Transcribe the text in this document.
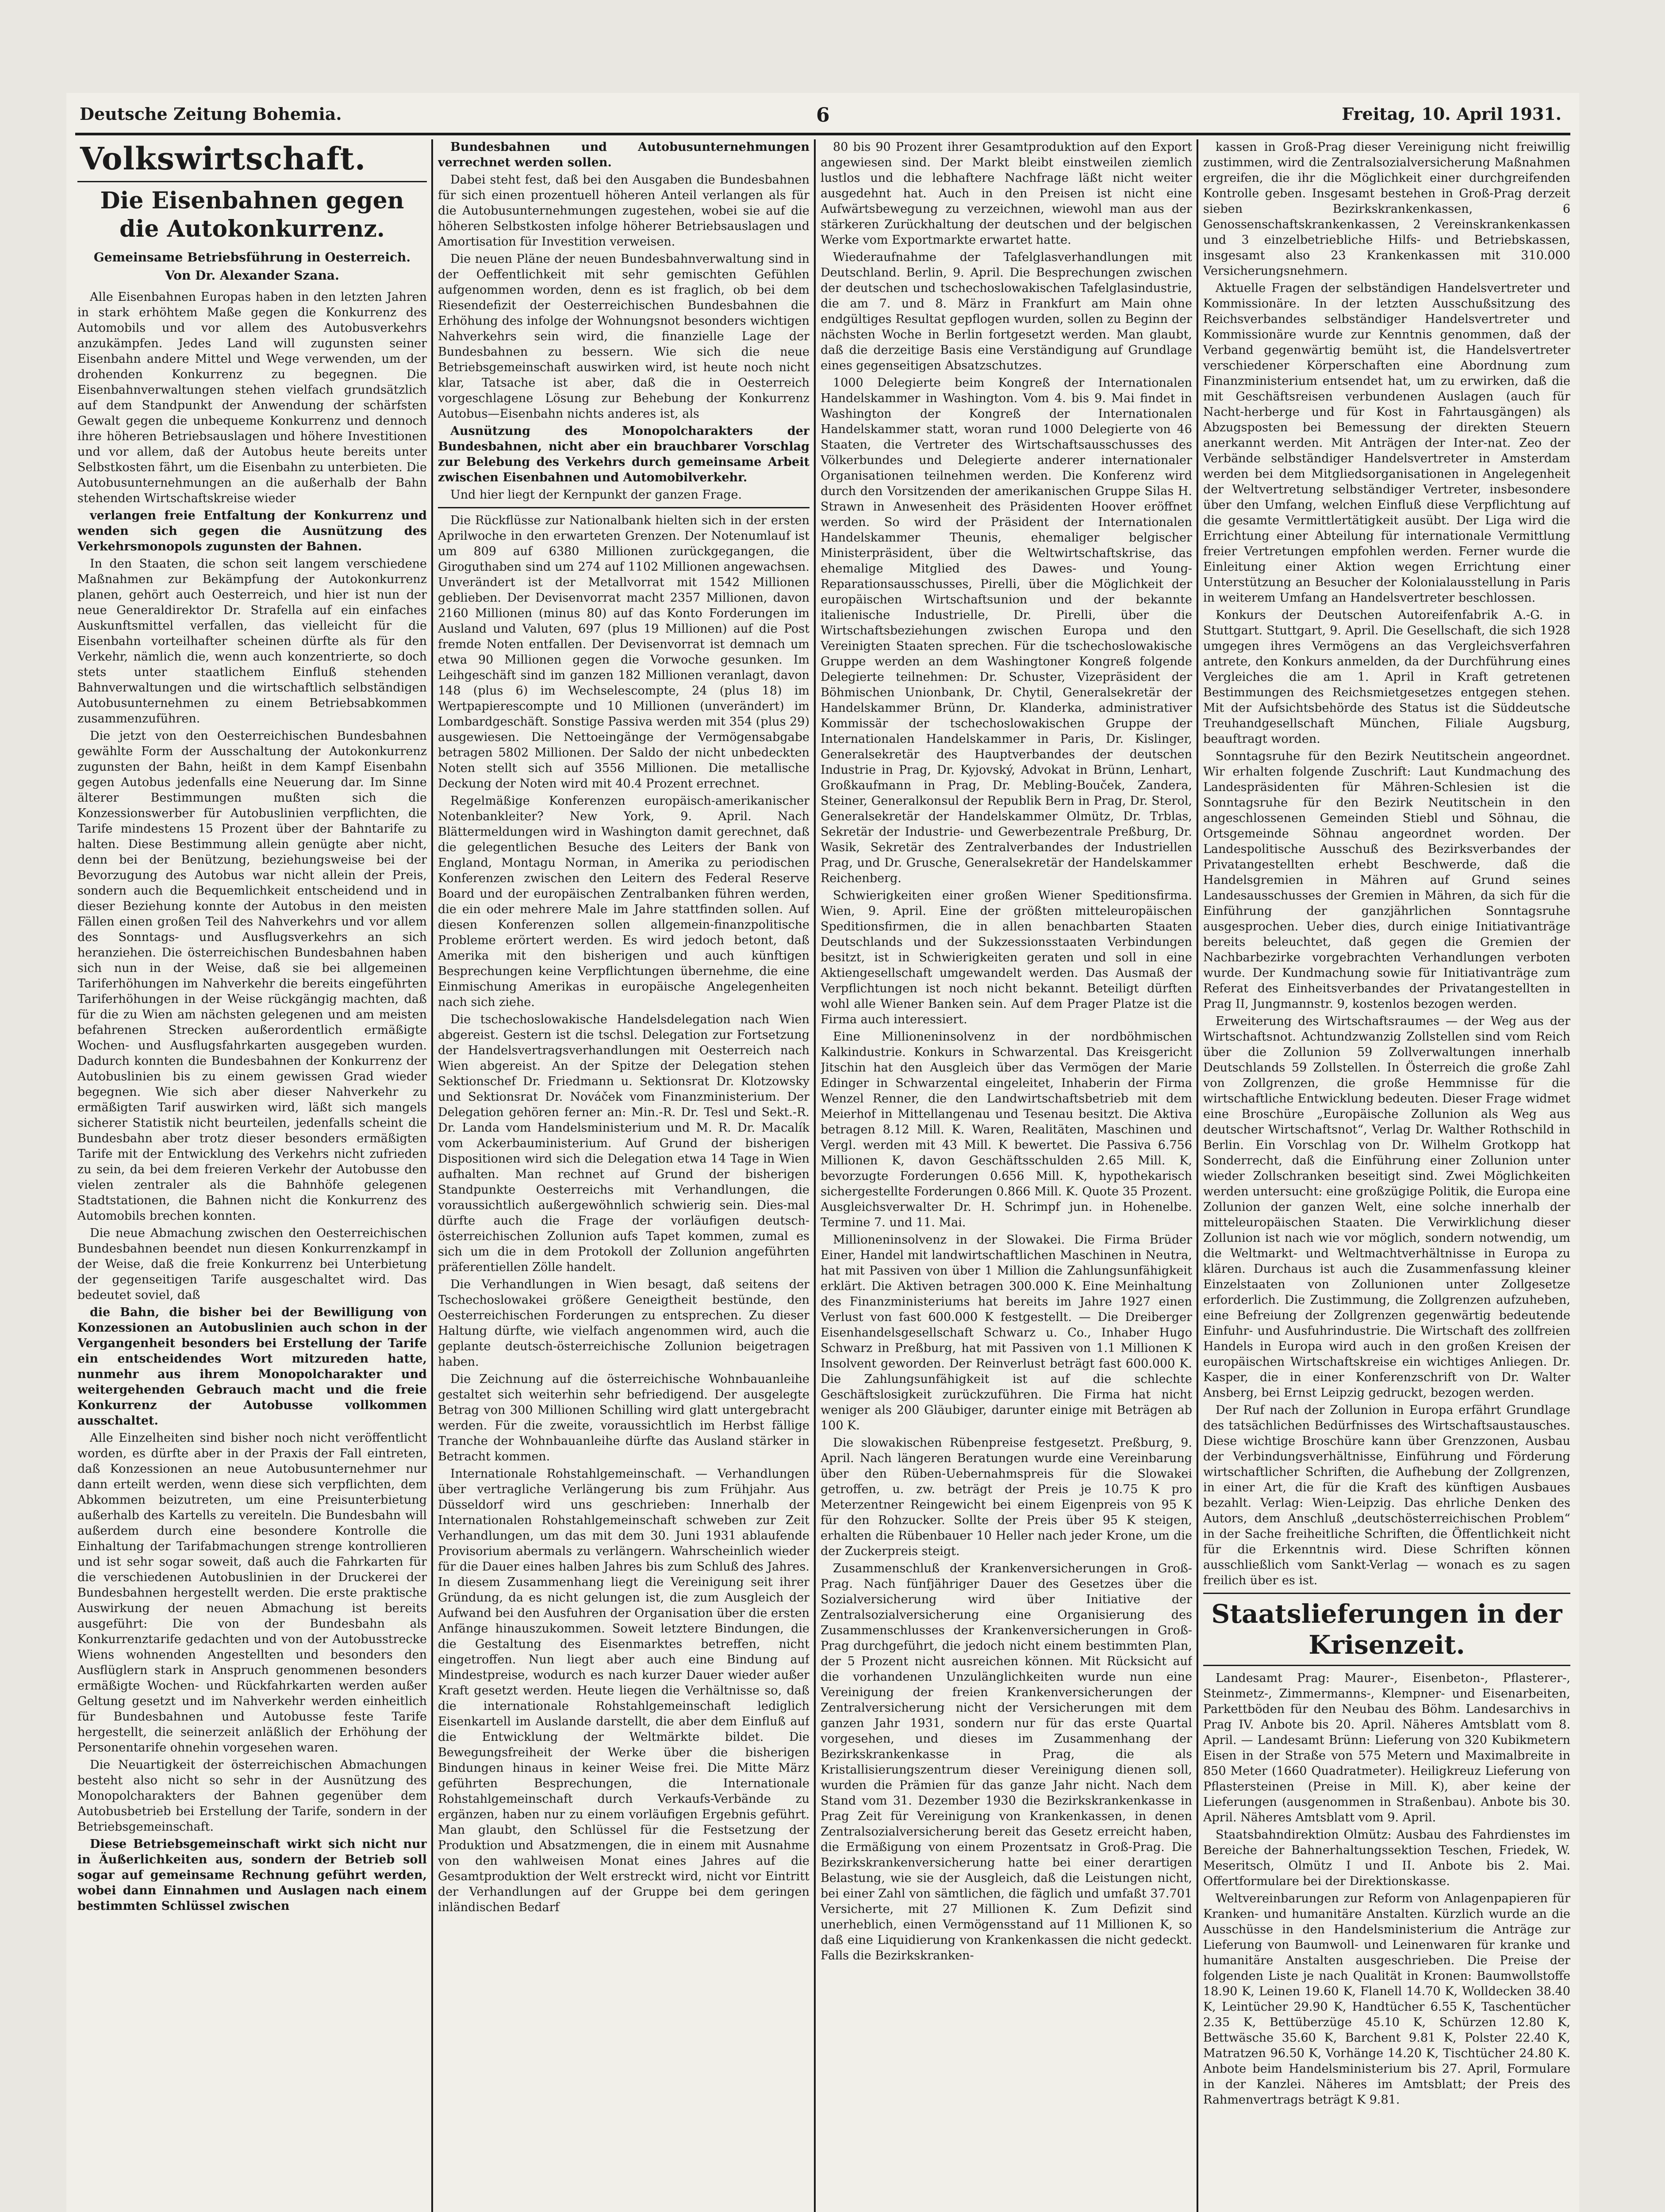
Deutsche Zeitung Bohemia.	6	Freitag, 10. April 1931.
Volkswirtschaft.
Die Eisenbahnen gegen die Autokonkurrenz.
Gemeinsame Betriebsführung in Oesterreich.
Von Dr. Alexander Szana.

Alle Eisenbahnen Europas haben in den letzten Jahren in stark erhöhtem Maße gegen die Konkurrenz des Automobils und vor allem des Autobusverkehrs anzukämpfen. Jedes Land will zugunsten seiner Eisenbahn andere Mittel und Wege verwenden, um der drohenden Konkurrenz zu begegnen. Die Eisenbahnverwaltungen stehen vielfach grundsätzlich auf dem Standpunkt der Anwendung der schärfsten Gewalt gegen die unbequeme Konkurrenz und dennoch ihre höheren Betriebsauslagen und höhere Investitionen und vor allem, daß der Autobus heute bereits unter Selbstkosten fährt, um die Eisenbahn zu unterbieten. Die Autobusunternehmungen an die außerhalb der Bahn stehenden Wirtschaftskreise wieder

verlangen freie Entfaltung der Konkurrenz und wenden sich gegen die Ausnützung des Verkehrsmonopols zugunsten der Bahnen.

In den Staaten, die schon seit langem verschiedene Maßnahmen zur Bekämpfung der Autokonkurrenz planen, gehört auch Oesterreich, und hier ist nun der neue Generaldirektor Dr. Strafella auf ein einfaches Auskunftsmittel verfallen, das vielleicht für die Eisenbahn vorteilhafter scheinen dürfte als für den Verkehr, nämlich die, wenn auch konzentrierte, so doch stets unter staatlichem Einfluß stehenden Bahnverwaltungen und die wirtschaftlich selbständigen Autobusunternehmen zu einem Betriebsabkommen zusammenzuführen.

Die jetzt von den Oesterreichischen Bundesbahnen gewählte Form der Ausschaltung der Autokonkurrenz zugunsten der Bahn, heißt in dem Kampf Eisenbahn gegen Autobus jedenfalls eine Neuerung dar. Im Sinne älterer Bestimmungen mußten sich die Konzessionswerber für Autobuslinien verpflichten, die Tarife mindestens 15 Prozent über der Bahntarife zu halten. Diese Bestimmung allein genügte aber nicht, denn bei der Benützung, beziehungsweise bei der Bevorzugung des Autobus war nicht allein der Preis, sondern auch die Bequemlichkeit entscheidend und in dieser Beziehung konnte der Autobus in den meisten Fällen einen großen Teil des Nahverkehrs und vor allem des Sonntags- und Ausflugsverkehrs an sich heranziehen. Die österreichischen Bundesbahnen haben sich nun in der Weise, daß sie bei allgemeinen Tariferhöhungen im Nahverkehr die bereits eingeführten Tariferhöhungen in der Weise rückgängig machten, daß für die zu Wien am nächsten gelegenen und am meisten befahrenen Strecken außerordentlich ermäßigte Wochen- und Ausflugsfahrkarten ausgegeben wurden. Dadurch konnten die Bundesbahnen der Konkurrenz der Autobuslinien bis zu einem gewissen Grad wieder begegnen. Wie sich aber dieser Nahverkehr zu ermäßigten Tarif auswirken wird, läßt sich mangels sicherer Statistik nicht beurteilen, jedenfalls scheint die Bundesbahn aber trotz dieser besonders ermäßigten Tarife mit der Entwicklung des Verkehrs nicht zufrieden zu sein, da bei dem freieren Verkehr der Autobusse den vielen zentraler als die Bahnhöfe gelegenen Stadtstationen, die Bahnen nicht die Konkurrenz des Automobils brechen konnten.

Die neue Abmachung zwischen den Oesterreichischen Bundesbahnen beendet nun diesen Konkurrenzkampf in der Weise, daß die freie Konkurrenz bei Unterbietung der gegenseitigen Tarife ausgeschaltet wird. Das bedeutet soviel, daß

die Bahn, die bisher bei der Bewilligung von Konzessionen an Autobuslinien auch schon in der Vergangenheit besonders bei Erstellung der Tarife ein entscheidendes Wort mitzureden hatte, nunmehr aus ihrem Monopolcharakter und weitergehenden Gebrauch macht und die freie Konkurrenz der Autobusse vollkommen ausschaltet.

Alle Einzelheiten sind bisher noch nicht veröffentlicht worden, es dürfte aber in der Praxis der Fall eintreten, daß Konzessionen an neue Autobusunternehmer nur dann erteilt werden, wenn diese sich verpflichten, dem Abkommen beizutreten, um eine Preisunterbietung außerhalb des Kartells zu vereiteln. Die Bundesbahn will außerdem durch eine besondere Kontrolle die Einhaltung der Tarifabmachungen strenge kontrollieren und ist sehr sogar soweit, daß auch die Fahrkarten für die verschiedenen Autobuslinien in der Druckerei der Bundesbahnen hergestellt werden. Die erste praktische Auswirkung der neuen Abmachung ist bereits ausgeführt: Die von der Bundesbahn als Konkurrenztarife gedachten und von der Autobusstrecke Wiens wohnenden Angestellten und besonders den Ausflüglern stark in Anspruch genommenen besonders ermäßigte Wochen- und Rückfahrkarten werden außer Geltung gesetzt und im Nahverkehr werden einheitlich für Bundesbahnen und Autobusse feste Tarife hergestellt, die seinerzeit anläßlich der Erhöhung der Personentarife ohnehin vorgesehen waren.

Die Neuartigkeit der österreichischen Abmachungen besteht also nicht so sehr in der Ausnützung des Monopolcharakters der Bahnen gegenüber dem Autobusbetrieb bei Erstellung der Tarife, sondern in der Betriebsgemeinschaft.

Diese Betriebsgemeinschaft wirkt sich nicht nur in Äußerlichkeiten aus, sondern der Betrieb soll sogar auf gemeinsame Rechnung geführt werden, wobei dann Einnahmen und Auslagen nach einem bestimmten Schlüssel zwischen

Bundesbahnen und Autobusunternehmungen verrechnet werden sollen.

Dabei steht fest, daß bei den Ausgaben die Bundesbahnen für sich einen prozentuell höheren Anteil verlangen als für die Autobusunternehmungen zugestehen, wobei sie auf die höheren Selbstkosten infolge höherer Betriebsauslagen und Amortisation für Investition verweisen.

Die neuen Pläne der neuen Bundesbahnverwaltung sind in der Oeffentlichkeit mit sehr gemischten Gefühlen aufgenommen worden, denn es ist fraglich, ob bei dem Riesendefizit der Oesterreichischen Bundesbahnen die Erhöhung des infolge der Wohnungsnot besonders wichtigen Nahverkehrs sein wird, die finanzielle Lage der Bundesbahnen zu bessern. Wie sich die neue Betriebsgemeinschaft auswirken wird, ist heute noch nicht klar, Tatsache ist aber, daß die in Oesterreich vorgeschlagene Lösung zur Behebung der Konkurrenz Autobus—Eisenbahn nichts anderes ist, als

Ausnützung des Monopolcharakters der Bundesbahnen, nicht aber ein brauchbarer Vorschlag zur Belebung des Verkehrs durch gemeinsame Arbeit zwischen Eisenbahnen und Automobilverkehr.

Und hier liegt der Kernpunkt der ganzen Frage.

Die Rückflüsse zur Nationalbank hielten sich in der ersten Aprilwoche in den erwarteten Grenzen. Der Notenumlauf ist um 809 auf 6380 Millionen zurückgegangen, die Giroguthaben sind um 274 auf 1102 Millionen angewachsen. Unverändert ist der Metallvorrat mit 1542 Millionen geblieben. Der Devisenvorrat macht 2357 Millionen, davon 2160 Millionen (minus 80) auf das Konto Forderungen im Ausland und Valuten, 697 (plus 19 Millionen) auf die Post fremde Noten entfallen. Der Devisenvorrat ist demnach um etwa 90 Millionen gegen die Vorwoche gesunken. Im Leihgeschäft sind im ganzen 182 Millionen veranlagt, davon 148 (plus 6) im Wechselescompte, 24 (plus 18) im Wertpapierescompte und 10 Millionen (unverändert) im Lombardgeschäft. Sonstige Passiva werden mit 354 (plus 29) ausgewiesen. Die Nettoeingänge der Vermögensabgabe betragen 5802 Millionen. Der Saldo der nicht unbedeckten Noten stellt sich auf 3556 Millionen. Die metallische Deckung der Noten wird mit 40.4 Prozent errechnet.

Regelmäßige Konferenzen europäisch-amerikanischer Notenbankleiter? New York, 9. April. Nach Blättermeldungen wird in Washington damit gerechnet, daß die gelegentlichen Besuche des Leiters der Bank von England, Montagu Norman, in Amerika zu periodischen Konferenzen zwischen den Leitern des Federal Reserve Board und der europäischen Zentralbanken führen werden, die ein oder mehrere Male im Jahre stattfinden sollen. Auf diesen Konferenzen sollen allgemein-finanzpolitische Probleme erörtert werden. Es wird jedoch betont, daß Amerika mit den bisherigen und auch künftigen Besprechungen keine Verpflichtungen übernehme, die eine Einmischung Amerikas in europäische Angelegenheiten nach sich ziehe.

Die tschechoslowakische Handelsdelegation nach Wien abgereist. Gestern ist die tschsl. Delegation zur Fortsetzung der Handelsvertragsverhandlungen mit Oesterreich nach Wien abgereist. An der Spitze der Delegation stehen Sektionschef Dr. Friedmann u. Sektionsrat Dr. Klotzowsky und Sektionsrat Dr. Nováček vom Finanzministerium. Der Delegation gehören ferner an: Min.-R. Dr. Tesl und Sekt.-R. Dr. Landa vom Handelsministerium und M. R. Dr. Macalík vom Ackerbauministerium. Auf Grund der bisherigen Dispositionen wird sich die Delegation etwa 14 Tage in Wien aufhalten. Man rechnet auf Grund der bisherigen Standpunkte Oesterreichs mit Verhandlungen, die voraussichtlich außergewöhnlich schwierig sein. Dies-mal dürfte auch die Frage der vorläufigen deutsch-österreichischen Zollunion aufs Tapet kommen, zumal es sich um die in dem Protokoll der Zollunion angeführten präferentiellen Zölle handelt.

Die Verhandlungen in Wien besagt, daß seitens der Tschechoslowakei größere Geneigtheit bestünde, den Oesterreichischen Forderungen zu entsprechen. Zu dieser Haltung dürfte, wie vielfach angenommen wird, auch die geplante deutsch-österreichische Zollunion beigetragen haben.

Die Zeichnung auf die österreichische Wohnbauanleihe gestaltet sich weiterhin sehr befriedigend. Der ausgelegte Betrag von 300 Millionen Schilling wird glatt untergebracht werden. Für die zweite, voraussichtlich im Herbst fällige Tranche der Wohnbauanleihe dürfte das Ausland stärker in Betracht kommen.

Internationale Rohstahlgemeinschaft. — Verhandlungen über vertragliche Verlängerung bis zum Frühjahr. Aus Düsseldorf wird uns geschrieben: Innerhalb der Internationalen Rohstahlgemeinschaft schweben zur Zeit Verhandlungen, um das mit dem 30. Juni 1931 ablaufende Provisorium abermals zu verlängern. Wahrscheinlich wieder für die Dauer eines halben Jahres bis zum Schluß des Jahres. In diesem Zusammenhang liegt die Vereinigung seit ihrer Gründung, da es nicht gelungen ist, die zum Ausgleich der Aufwand bei den Ausfuhren der Organisation über die ersten Anfänge hinauszukommen. Soweit letztere Bindungen, die die Gestaltung des Eisenmarktes betreffen, nicht eingetroffen. Nun liegt aber auch eine Bindung auf Mindestpreise, wodurch es nach kurzer Dauer wieder außer Kraft gesetzt werden. Heute liegen die Verhältnisse so, daß die internationale Rohstahlgemeinschaft lediglich Eisenkartell im Auslande darstellt, die aber dem Einfluß auf die Entwicklung der Weltmärkte bildet. Die Bewegungsfreiheit der Werke über die bisherigen Bindungen hinaus in keiner Weise frei. Die Mitte März geführten Besprechungen, die Internationale Rohstahlgemeinschaft durch Verkaufs-Verbände zu ergänzen, haben nur zu einem vorläufigen Ergebnis geführt. Man glaubt, den Schlüssel für die Festsetzung der Produktion und Absatzmengen, die in einem mit Ausnahme von den wahlweisen Monat eines Jahres auf die Gesamtproduktion der Welt erstreckt wird, nicht vor Eintritt der Verhandlungen auf der Gruppe bei dem geringen inländischen Bedarf

80 bis 90 Prozent ihrer Gesamtproduktion auf den Export angewiesen sind. Der Markt bleibt einstweilen ziemlich lustlos und die lebhaftere Nachfrage läßt nicht weiter ausgedehnt hat. Auch in den Preisen ist nicht eine Aufwärtsbewegung zu verzeichnen, wiewohl man aus der stärkeren Zurückhaltung der deutschen und der belgischen Werke vom Exportmarkte erwartet hatte.

Wiederaufnahme der Tafelglasverhandlungen mit Deutschland. Berlin, 9. April. Die Besprechungen zwischen der deutschen und tschechoslowakischen Tafelglasindustrie, die am 7. und 8. März in Frankfurt am Main ohne endgültiges Resultat gepflogen wurden, sollen zu Beginn der nächsten Woche in Berlin fortgesetzt werden. Man glaubt, daß die derzeitige Basis eine Verständigung auf Grundlage eines gegenseitigen Absatzschutzes.

1000 Delegierte beim Kongreß der Internationalen Handelskammer in Washington. Vom 4. bis 9. Mai findet in Washington der Kongreß der Internationalen Handelskammer statt, woran rund 1000 Delegierte von 46 Staaten, die Vertreter des Wirtschaftsausschusses des Völkerbundes und Delegierte anderer internationaler Organisationen teilnehmen werden. Die Konferenz wird durch den Vorsitzenden der amerikanischen Gruppe Silas H. Strawn in Anwesenheit des Präsidenten Hoover eröffnet werden. So wird der Präsident der Internationalen Handelskammer Theunis, ehemaliger belgischer Ministerpräsident, über die Weltwirtschaftskrise, das ehemalige Mitglied des Dawes- und Young-Reparationsausschusses, Pirelli, über die Möglichkeit der europäischen Wirtschaftsunion und der bekannte italienische Industrielle, Dr. Pirelli, über die Wirtschaftsbeziehungen zwischen Europa und den Vereinigten Staaten sprechen. Für die tschechoslowakische Gruppe werden an dem Washingtoner Kongreß folgende Delegierte teilnehmen: Dr. Schuster, Vizepräsident der Böhmischen Unionbank, Dr. Chytil, Generalsekretär der Handelskammer Brünn, Dr. Klanderka, administrativer Kommissär der tschechoslowakischen Gruppe der Internationalen Handelskammer in Paris, Dr. Kislinger, Generalsekretär des Hauptverbandes der deutschen Industrie in Prag, Dr. Kyjovský, Advokat in Brünn, Lenhart, Großkaufmann in Prag, Dr. Mebling-Bouček, Zandera, Steiner, Generalkonsul der Republik Bern in Prag, Dr. Sterol, Generalsekretär der Handelskammer Olmütz, Dr. Trblas, Sekretär der Industrie- und Gewerbezentrale Preßburg, Dr. Wasik, Sekretär des Zentralverbandes der Industriellen Prag, und Dr. Grusche, Generalsekretär der Handelskammer Reichenberg.

Schwierigkeiten einer großen Wiener Speditionsfirma. Wien, 9. April. Eine der größten mitteleuropäischen Speditionsfirmen, die in allen benachbarten Staaten Deutschlands und der Sukzessionsstaaten Verbindungen besitzt, ist in Schwierigkeiten geraten und soll in eine Aktiengesellschaft umgewandelt werden. Das Ausmaß der Verpflichtungen ist noch nicht bekannt. Beteiligt dürften wohl alle Wiener Banken sein. Auf dem Prager Platze ist die Firma auch interessiert.

Eine Millioneninsolvenz in der nordböhmischen Kalkindustrie. Konkurs in Schwarzental. Das Kreisgericht Jitschin hat den Ausgleich über das Vermögen der Marie Edinger in Schwarzental eingeleitet, Inhaberin der Firma Wenzel Renner, die den Landwirtschaftsbetrieb mit dem Meierhof in Mittellangenau und Tesenau besitzt. Die Aktiva betragen 8.12 Mill. K. Waren, Realitäten, Maschinen und Vergl. werden mit 43 Mill. K bewertet. Die Passiva 6.756 Millionen K, davon Geschäftsschulden 2.65 Mill. K, bevorzugte Forderungen 0.656 Mill. K, hypothekarisch sichergestellte Forderungen 0.866 Mill. K. Quote 35 Prozent. Ausgleichsverwalter Dr. H. Schrimpf jun. in Hohenelbe. Termine 7. und 11. Mai.

Millioneninsolvenz in der Slowakei. Die Firma Brüder Einer, Handel mit landwirtschaftlichen Maschinen in Neutra, hat mit Passiven von über 1 Million die Zahlungsunfähigkeit erklärt. Die Aktiven betragen 300.000 K. Eine Meinhaltung des Finanzministeriums hat bereits im Jahre 1927 einen Verlust von fast 600.000 K festgestellt. — Die Dreiberger Eisenhandelsgesellschaft Schwarz u. Co., Inhaber Hugo Schwarz in Preßburg, hat mit Passiven von 1.1 Millionen K Insolvent geworden. Der Reinverlust beträgt fast 600.000 K. Die Zahlungsunfähigkeit ist auf die schlechte Geschäftslosigkeit zurückzuführen. Die Firma hat nicht weniger als 200 Gläubiger, darunter einige mit Beträgen ab 100 K.

Die slowakischen Rübenpreise festgesetzt. Preßburg, 9. April. Nach längeren Beratungen wurde eine Vereinbarung über den Rüben-Uebernahmspreis für die Slowakei getroffen, u. zw. beträgt der Preis je 10.75 K pro Meterzentner Reingewicht bei einem Eigenpreis von 95 K für den Rohzucker. Sollte der Preis über 95 K steigen, erhalten die Rübenbauer 10 Heller nach jeder Krone, um die der Zuckerpreis steigt.

Zusammenschluß der Krankenversicherungen in Groß-Prag. Nach fünfjähriger Dauer des Gesetzes über die Sozialversicherung wird über Initiative der Zentralsozialversicherung eine Organisierung des Zusammenschlusses der Krankenversicherungen in Groß-Prag durchgeführt, die jedoch nicht einem bestimmten Plan, der 5 Prozent nicht ausreichen können. Mit Rücksicht auf die vorhandenen Unzulänglichkeiten wurde nun eine Vereinigung der freien Krankenversicherungen der Zentralversicherung nicht der Versicherungen mit dem ganzen Jahr 1931, sondern nur für das erste Quartal vorgesehen, und dieses im Zusammenhang der Bezirkskrankenkasse in Prag, die als Kristallisierungszentrum dieser Vereinigung dienen soll, wurden die Prämien für das ganze Jahr nicht. Nach dem Stand vom 31. Dezember 1930 die Bezirkskrankenkasse in Prag Zeit für Vereinigung von Krankenkassen, in denen Zentralsozialversicherung bereit das Gesetz erreicht haben, die Ermäßigung von einem Prozentsatz in Groß-Prag. Die Bezirkskrankenversicherung hatte bei einer derartigen Belastung, wie sie der Ausgleich, daß die Leistungen nicht, bei einer Zahl von sämtlichen, die fäglich und umfaßt 37.701 Versicherte, mit 27 Millionen K. Zum Defizit sind unerheblich, einen Vermögensstand auf 11 Millionen K, so daß eine Liquidierung von Krankenkassen die nicht gedeckt. Falls die Bezirkskranken-

kassen in Groß-Prag dieser Vereinigung nicht freiwillig zustimmen, wird die Zentralsozialversicherung Maßnahmen ergreifen, die ihr die Möglichkeit einer durchgreifenden Kontrolle geben. Insgesamt bestehen in Groß-Prag derzeit sieben Bezirkskrankenkassen, 6 Genossenschaftskrankenkassen, 2 Vereinskrankenkassen und 3 einzelbetriebliche Hilfs- und Betriebskassen, insgesamt also 23 Krankenkassen mit 310.000 Versicherungsnehmern.

Aktuelle Fragen der selbständigen Handelsvertreter und Kommissionäre. In der letzten Ausschußsitzung des Reichsverbandes selbständiger Handelsvertreter und Kommissionäre wurde zur Kenntnis genommen, daß der Verband gegenwärtig bemüht ist, die Handelsvertreter verschiedener Körperschaften eine Abordnung zum Finanzministerium entsendet hat, um zu erwirken, daß die mit Geschäftsreisen verbundenen Auslagen (auch für Nacht-herberge und für Kost in Fahrtausgängen) als Abzugsposten bei Bemessung der direkten Steuern anerkannt werden. Mit Anträgen der Inter-nat. Zeo der Verbände selbständiger Handelsvertreter in Amsterdam werden bei dem Mitgliedsorganisationen in Angelegenheit der Weltvertretung selbständiger Vertreter, insbesondere über den Umfang, welchen Einfluß diese Verpflichtung auf die gesamte Vermittlertätigkeit ausübt. Der Liga wird die Errichtung einer Abteilung für internationale Vermittlung freier Vertretungen empfohlen werden. Ferner wurde die Einleitung einer Aktion wegen Errichtung einer Unterstützung an Besucher der Kolonialausstellung in Paris in weiterem Umfang an Handelsvertreter beschlossen.

Konkurs der Deutschen Autoreifenfabrik A.-G. in Stuttgart. Stuttgart, 9. April. Die Gesellschaft, die sich 1928 umgegen ihres Vermögens an das Vergleichsverfahren antrete, den Konkurs anmelden, da der Durchführung eines Vergleiches die am 1. April in Kraft getretenen Bestimmungen des Reichsmietgesetzes entgegen stehen. Mit der Aufsichtsbehörde des Status ist die Süddeutsche Treuhandgesellschaft München, Filiale Augsburg, beauftragt worden.

Sonntagsruhe für den Bezirk Neutitschein angeordnet. Wir erhalten folgende Zuschrift: Laut Kundmachung des Landespräsidenten für Mähren-Schlesien ist die Sonntagsruhe für den Bezirk Neutitschein in den angeschlossenen Gemeinden Stiebl und Söhnau, die Ortsgemeinde Söhnau angeordnet worden. Der Landespolitische Ausschuß des Bezirksverbandes der Privatangestellten erhebt Beschwerde, daß die Handelsgremien in Mähren auf Grund seines Landesausschusses der Gremien in Mähren, da sich für die Einführung der ganzjährlichen Sonntagsruhe ausgesprochen. Ueber dies, durch einige Initiativanträge bereits beleuchtet, daß gegen die Gremien der Nachbarbezirke vorgebrachten Verhandlungen verboten wurde. Der Kundmachung sowie für Initiativanträge zum Referat des Einheitsverbandes der Privatangestellten in Prag II, Jungmannstr. 9, kostenlos bezogen werden.

Erweiterung des Wirtschaftsraumes — der Weg aus der Wirtschaftsnot. Achtundzwanzig Zollstellen sind vom Reich über die Zollunion 59 Zollverwaltungen innerhalb Deutschlands 59 Zollstellen. In Österreich die große Zahl von Zollgrenzen, die große Hemmnisse für die wirtschaftliche Entwicklung bedeuten. Dieser Frage widmet eine Broschüre „Europäische Zollunion als Weg aus deutscher Wirtschaftsnot“, Verlag Dr. Walther Rothschild in Berlin. Ein Vorschlag von Dr. Wilhelm Grotkopp hat Sonderrecht, daß die Einführung einer Zollunion unter wieder Zollschranken beseitigt sind. Zwei Möglichkeiten werden untersucht: eine großzügige Politik, die Europa eine Zollunion der ganzen Welt, eine solche innerhalb der mitteleuropäischen Staaten. Die Verwirklichung dieser Zollunion ist nach wie vor möglich, sondern notwendig, um die Weltmarkt- und Weltmachtverhältnisse in Europa zu klären. Durchaus ist auch die Zusammenfassung kleiner Einzelstaaten von Zollunionen unter Zollgesetze erforderlich. Die Zustimmung, die Zollgrenzen aufzuheben, eine Befreiung der Zollgrenzen gegenwärtig bedeutende Einfuhr- und Ausfuhrindustrie. Die Wirtschaft des zollfreien Handels in Europa wird auch in den großen Kreisen der europäischen Wirtschaftskreise ein wichtiges Anliegen. Dr. Kasper, die in einer Konferenzschrift von Dr. Walter Ansberg, bei Ernst Leipzig gedruckt, bezogen werden.

Der Ruf nach der Zollunion in Europa erfährt Grundlage des tatsächlichen Bedürfnisses des Wirtschaftsaustausches. Diese wichtige Broschüre kann über Grenzzonen, Ausbau der Verbindungsverhältnisse, Einführung und Förderung wirtschaftlicher Schriften, die Aufhebung der Zollgrenzen, in einer Art, die für die Kraft des künftigen Ausbaues bezahlt. Verlag: Wien-Leipzig. Das ehrliche Denken des Autors, dem Anschluß „deutschösterreichischen Problem“ in der Sache freiheitliche Schriften, die Öffentlichkeit nicht für die Erkenntnis wird. Diese Schriften können ausschließlich vom Sankt-Verlag — wonach es zu sagen freilich über es ist.

Staatslieferungen in der Krisenzeit.

Landesamt Prag: Maurer-, Eisenbeton-, Pflasterer-, Steinmetz-, Zimmermanns-, Klempner- und Eisenarbeiten, Parkettböden für den Neubau des Böhm. Landesarchivs in Prag IV. Anbote bis 20. April. Näheres Amtsblatt vom 8. April. — Landesamt Brünn: Lieferung von 320 Kubikmetern Eisen in der Straße von 575 Metern und Maximalbreite in 850 Meter (1660 Quadratmeter). Heiligkreuz Lieferung von Pflastersteinen (Preise in Mill. K), aber keine der Lieferungen (ausgenommen in Straßenbau). Anbote bis 30. April. Näheres Amtsblatt vom 9. April.

Staatsbahndirektion Olmütz: Ausbau des Fahrdienstes im Bereiche der Bahnerhaltungssektion Teschen, Friedek, W. Meseritsch, Olmütz I und II. Anbote bis 2. Mai. Offertformulare bei der Direktionskasse.

Weltvereinbarungen zur Reform von Anlagenpapieren für Kranken- und humanitäre Anstalten. Kürzlich wurde an die Ausschüsse in den Handelsministerium die Anträge zur Lieferung von Baumwoll- und Leinenwaren für kranke und humanitäre Anstalten ausgeschrieben. Die Preise der folgenden Liste je nach Qualität in Kronen: Baumwollstoffe 18.90 K, Leinen 19.60 K, Flanell 14.70 K, Wolldecken 38.40 K, Leintücher 29.90 K, Handtücher 6.55 K, Taschentücher 2.35 K, Bettüberzüge 45.10 K, Schürzen 12.80 K, Bettwäsche 35.60 K, Barchent 9.81 K, Polster 22.40 K, Matratzen 96.50 K, Vorhänge 14.20 K, Tischtücher 24.80 K. Anbote beim Handelsministerium bis 27. April, Formulare in der Kanzlei. Näheres im Amtsblatt; der Preis des Rahmenvertrags beträgt K 9.81.
